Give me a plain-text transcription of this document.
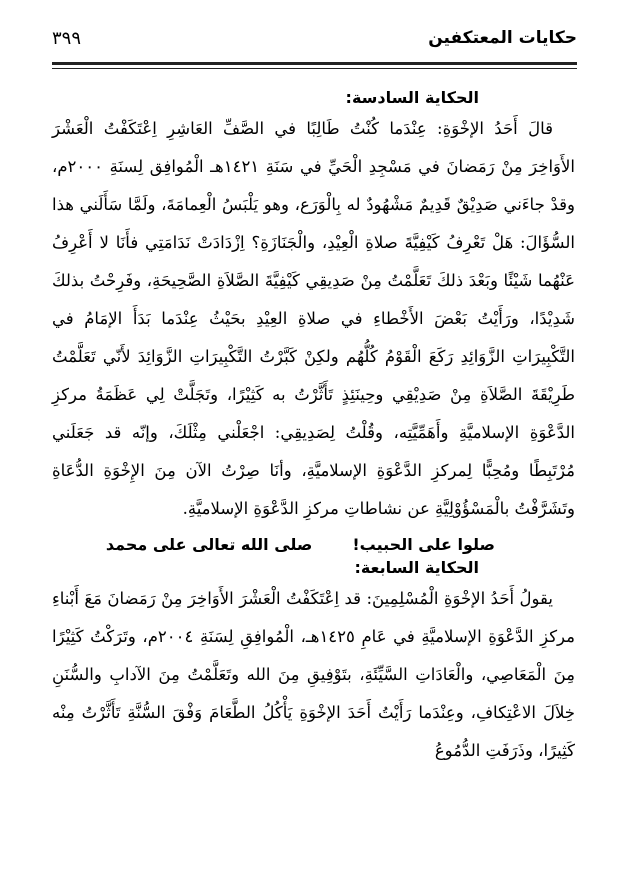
حكايات المعتكفين
٣٩٩
الحكاية السادسة:

قالَ أَحَدُ الإخْوَةِ: عِنْدَما كُنْتُ طَالِبًا في الصَّفِّ العَاشِرِ اِعْتَكَفْتُ الْعَشْرَ الأَوَاخِرَ مِنْ رَمَضانَ في مَسْجِدِ الْحَيِّ في سَنَةِ ١٤٢١هـ الْمُوافِق لِسنَةِ ٢٠٠٠م، وقدْ جاءَني صَدِيْقٌ قَدِيمٌ مَشْهُودٌ له بِالْوَرَع، وهو يَلْبَسُ الْعِمامَةَ، ولَمَّا سَأَلَني هذا السُّؤَالَ: هَلْ تَعْرِفُ كَيْفِيَّةَ صلاةِ الْعِيْدِ، والْجَنَازَةِ؟ اِزْدَادَتْ نَدَامَتِي فأَنَا لا أَعْرِفُ عَنْهُما شَيْئًا وبَعْدَ ذلكَ تَعَلَّمْتُ مِنْ صَدِيقِي كَيْفِيَّةَ الصَّلاَةِ الصَّحِيحَةِ، وفَرِحْتُ بذلكَ شَدِيْدًا، ورَأَيْتُ بَعْضَ الأَخْطاءِ في صلاةِ العِيْدِ بحَيْثُ عِنْدَما بَدَأَ الإمَامُ في التَّكْبِيرَاتِ الزَّوَائِدِ رَكَعَ الْقَوْمُ كُلُّهُم ولكِنْ كَبَّرْتُ التَّكْبِيرَاتِ الزَّوَائِدَ لأَنّي تَعَلَّمْتُ طَرِيْقَةَ الصَّلاَةِ مِنْ صَدِيْقِي وحِينَئِذٍ تَأَثَّرْتُ به كَثِيْرًا، وتَجَلَّتْ لِي عَظَمَةُ مركزِ الدَّعْوَةِ الإسلاميَّةِ وأَهَمِّيَّتِه، وقُلْتُ لِصَدِيقِي: اجْعَلْني مِثْلَكَ، وإنّه قد جَعَلَني مُرْتَبِطًا ومُحِبًّا لِمركزِ الدَّعْوَةِ الإسلاميَّةِ، وأنَا صِرْتُ الآن مِنَ الإِخْوَةِ الدُّعَاةِ وتَشَرَّفْتُ بالْمَسْؤُوْلِيَّةِ عن نشاطاتِ مركزِ الدَّعْوَةِ الإسلاميَّةِ.

صلوا على الحبيب!صلى الله تعالى على محمد
الحكاية السابعة:

يقولُ أَحَدُ الإخْوَةِ الْمُسْلِمِينَ: قد اِعْتَكَفْتُ الْعَشْرَ الأَوَاخِرَ مِنْ رَمَضانَ مَعَ أَبْناءِ مركزِ الدَّعْوَةِ الإسلاميَّةِ في عَامِ ١٤٢٥هـ، الْمُوافِقِ لِسَنَةِ ٢٠٠٤م، وتَرَكْتُ كَثِيْرًا مِنَ الْمَعَاصِي، والْعَادَاتِ السَّيِّئَةِ، بتَوْفِيقِ مِنَ الله وتَعَلَّمْتُ مِنَ الآدابِ والسُّنَنِ خِلاَلَ الاعْتِكافِ، وعِنْدَما رَأَيْتُ أَحَدَ الإخْوَةِ يَأْكُلُ الطَّعَامَ وَفْقَ السُّنَّةِ تَأَثَّرْتُ مِنْه كَثِيرًا، وذَرَفَتِ الدُّمُوعُ
